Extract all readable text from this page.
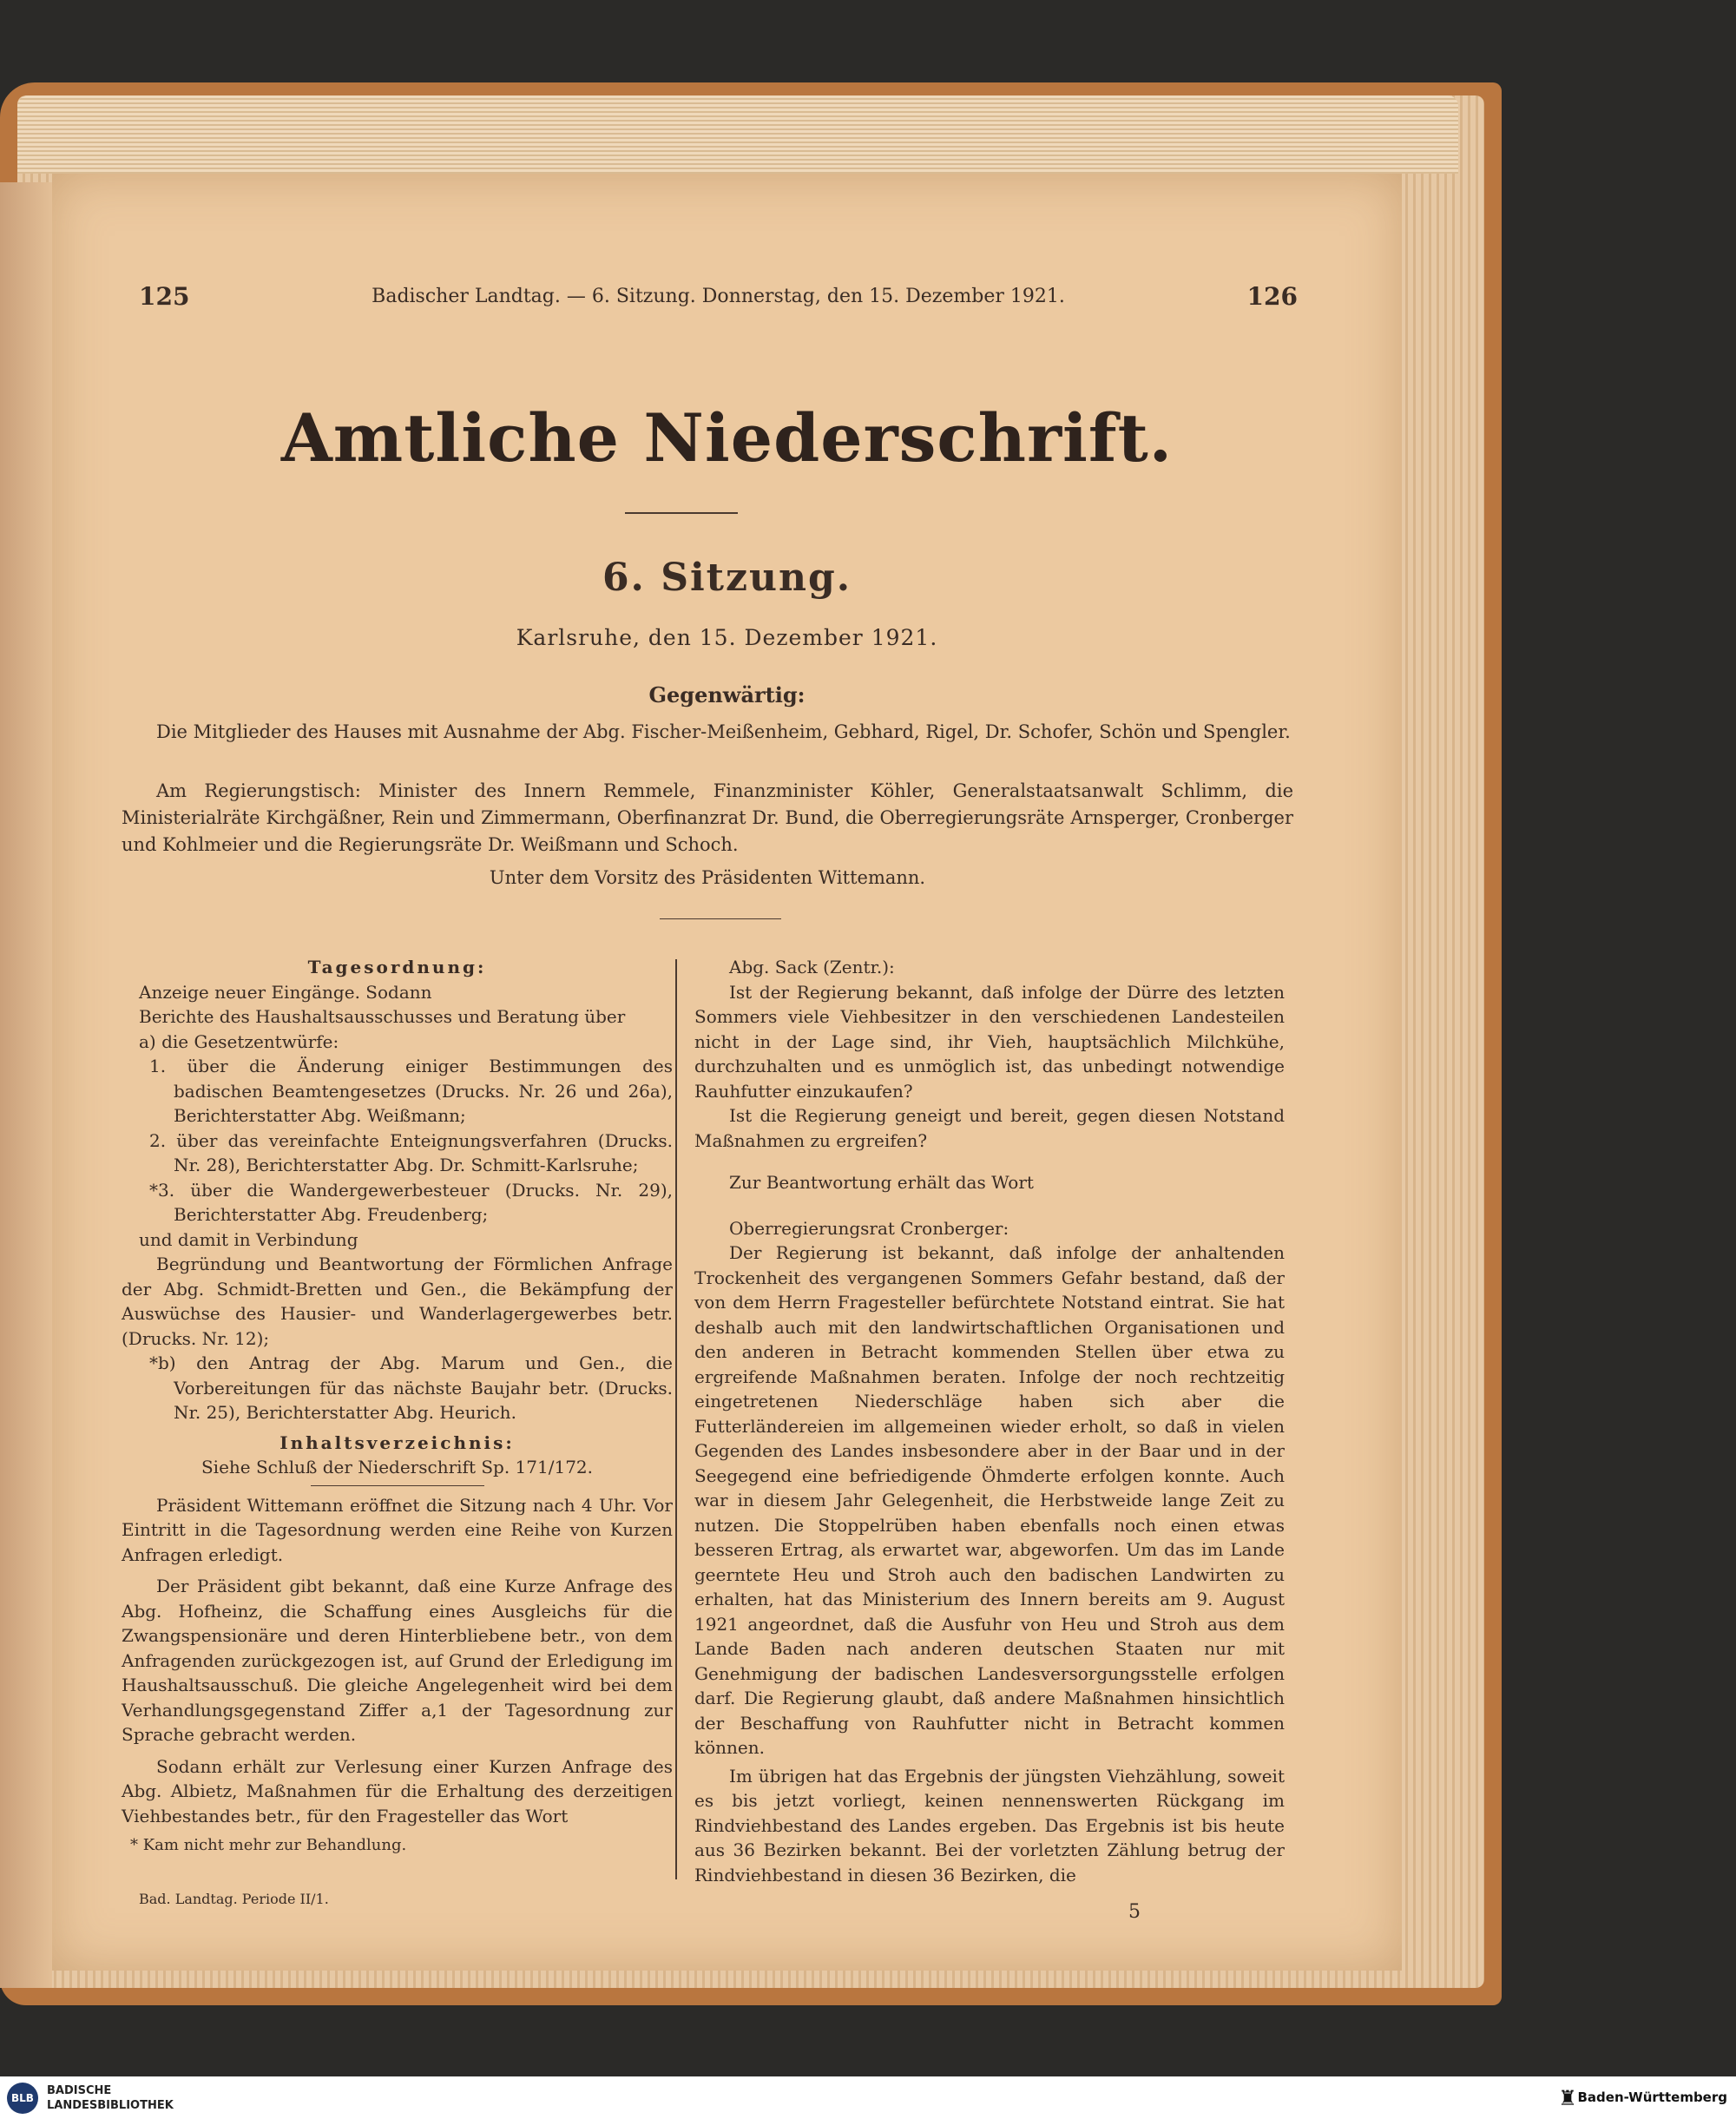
125	Badischer Landtag. — 6. Sitzung. Donnerstag, den 15. Dezember 1921.	126
Amtliche Niederschrift.
6. Sitzung.
Karlsruhe, den 15. Dezember 1921.
Gegenwärtig:

Die Mitglieder des Hauses mit Ausnahme der Abg. Fischer-Meißenheim, Gebhard, Rigel, Dr. Schofer, Schön und Spengler.

Am Regierungstisch: Minister des Innern Remmele, Finanzminister Köhler, Generalstaatsanwalt Schlimm, die Ministerialräte Kirchgäßner, Rein und Zimmermann, Oberfinanzrat Dr. Bund, die Oberregierungsräte Arnsperger, Cronberger und Kohlmeier und die Regierungsräte Dr. Weißmann und Schoch.

Unter dem Vorsitz des Präsidenten Wittemann.

Tagesordnung:

Anzeige neuer Eingänge. Sodann

Berichte des Haushaltsausschusses und Beratung über

a) die Gesetzentwürfe:

1. über die Änderung einiger Bestimmungen des badischen Beamtengesetzes (Drucks. Nr. 26 und 26a), Berichterstatter Abg. Weißmann;

2. über das vereinfachte Enteignungsverfahren (Drucks. Nr. 28), Berichterstatter Abg. Dr. Schmitt-Karlsruhe;

*3. über die Wandergewerbesteuer (Drucks. Nr. 29), Berichterstatter Abg. Freudenberg;

und damit in Verbindung

Begründung und Beantwortung der Förmlichen Anfrage der Abg. Schmidt-Bretten und Gen., die Bekämpfung der Auswüchse des Hausier- und Wanderlagergewerbes betr. (Drucks. Nr. 12);

*b) den Antrag der Abg. Marum und Gen., die Vorbereitungen für das nächste Baujahr betr. (Drucks. Nr. 25), Berichterstatter Abg. Heurich.

Inhaltsverzeichnis:

Siehe Schluß der Niederschrift Sp. 171/172.

Präsident Wittemann eröffnet die Sitzung nach 4 Uhr. Vor Eintritt in die Tagesordnung werden eine Reihe von Kurzen Anfragen erledigt.

Der Präsident gibt bekannt, daß eine Kurze Anfrage des Abg. Hofheinz, die Schaffung eines Ausgleichs für die Zwangspensionäre und deren Hinterbliebene betr., von dem Anfragenden zurückgezogen ist, auf Grund der Erledigung im Haushaltsausschuß. Die gleiche Angelegenheit wird bei dem Verhandlungsgegenstand Ziffer a,1 der Tagesordnung zur Sprache gebracht werden.

Sodann erhält zur Verlesung einer Kurzen Anfrage des Abg. Albietz, Maßnahmen für die Erhaltung des derzeitigen Viehbestandes betr., für den Fragesteller das Wort

* Kam nicht mehr zur Behandlung.

Bad. Landtag. Periode II/1.

Abg. Sack (Zentr.):

Ist der Regierung bekannt, daß infolge der Dürre des letzten Sommers viele Viehbesitzer in den verschiedenen Landesteilen nicht in der Lage sind, ihr Vieh, hauptsächlich Milchkühe, durchzuhalten und es unmöglich ist, das unbedingt notwendige Rauhfutter einzukaufen?

Ist die Regierung geneigt und bereit, gegen diesen Notstand Maßnahmen zu ergreifen?

Zur Beantwortung erhält das Wort

Oberregierungsrat Cronberger:

Der Regierung ist bekannt, daß infolge der anhaltenden Trockenheit des vergangenen Sommers Gefahr bestand, daß der von dem Herrn Fragesteller befürchtete Notstand eintrat. Sie hat deshalb auch mit den landwirtschaftlichen Organisationen und den anderen in Betracht kommenden Stellen über etwa zu ergreifende Maßnahmen beraten. Infolge der noch rechtzeitig eingetretenen Niederschläge haben sich aber die Futterländereien im allgemeinen wieder erholt, so daß in vielen Gegenden des Landes insbesondere aber in der Baar und in der Seegegend eine befriedigende Öhmderte erfolgen konnte. Auch war in diesem Jahr Gelegenheit, die Herbstweide lange Zeit zu nutzen. Die Stoppelrüben haben ebenfalls noch einen etwas besseren Ertrag, als erwartet war, abgeworfen. Um das im Lande geerntete Heu und Stroh auch den badischen Landwirten zu erhalten, hat das Ministerium des Innern bereits am 9. August 1921 angeordnet, daß die Ausfuhr von Heu und Stroh aus dem Lande Baden nach anderen deutschen Staaten nur mit Genehmigung der badischen Landesversorgungsstelle erfolgen darf. Die Regierung glaubt, daß andere Maßnahmen hinsichtlich der Beschaffung von Rauhfutter nicht in Betracht kommen können.

Im übrigen hat das Ergebnis der jüngsten Viehzählung, soweit es bis jetzt vorliegt, keinen nennenswerten Rückgang im Rindviehbestand des Landes ergeben. Das Ergebnis ist bis heute aus 36 Bezirken bekannt. Bei der vorletzten Zählung betrug der Rindviehbestand in diesen 36 Bezirken, die

5
BLB
BADISCHE
LANDESBIBLIOTHEK	♜ Baden-Württemberg
